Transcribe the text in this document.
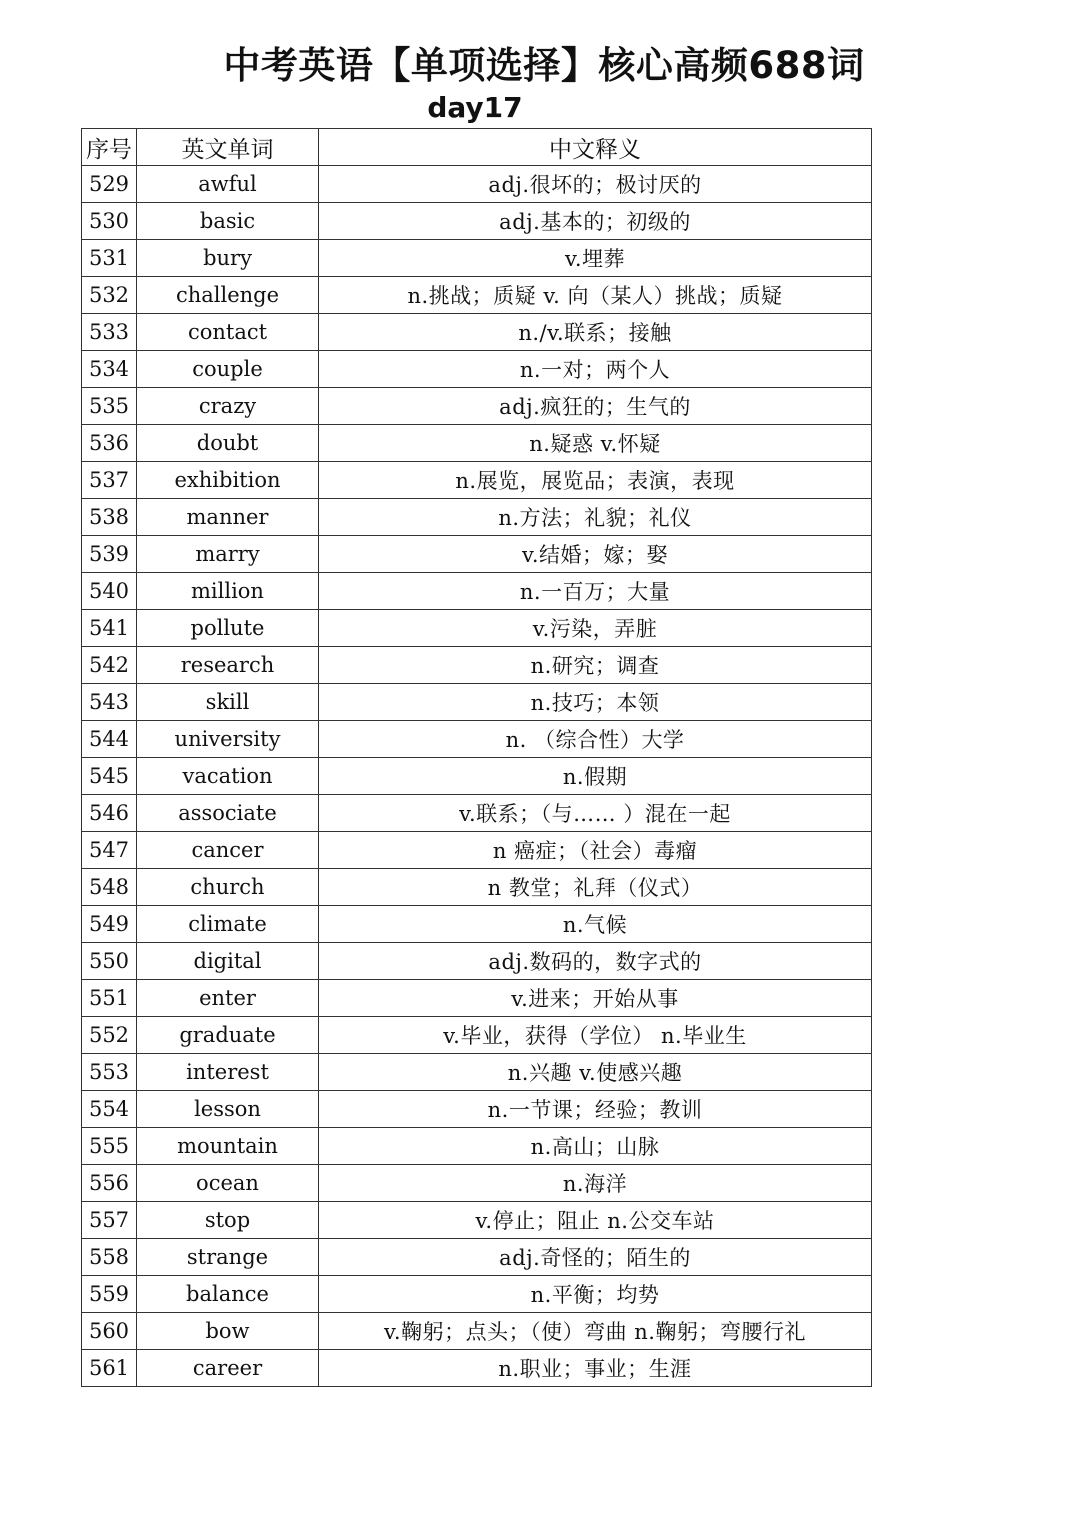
中考英语【单项选择】核心高频688词
day17
序号	英文单词	中文释义
529	awful	adj.很坏的；极讨厌的
530	basic	adj.基本的；初级的
531	bury	v.埋葬
532	challenge	n.挑战；质疑 v. 向（某人）挑战；质疑
533	contact	n./v.联系；接触
534	couple	n.一对；两个人
535	crazy	adj.疯狂的；生气的
536	doubt	n.疑惑 v.怀疑
537	exhibition	n.展览，展览品；表演，表现
538	manner	n.方法；礼貌；礼仪
539	marry	v.结婚；嫁；娶
540	million	n.一百万；大量
541	pollute	v.污染，弄脏
542	research	n.研究；调查
543	skill	n.技巧；本领
544	university	n. （综合性）大学
545	vacation	n.假期
546	associate	v.联系；（与…… ）混在一起
547	cancer	n 癌症；（社会）毒瘤
548	church	n 教堂；礼拜（仪式）
549	climate	n.气候
550	digital	adj.数码的，数字式的
551	enter	v.进来；开始从事
552	graduate	v.毕业，获得（学位） n.毕业生
553	interest	n.兴趣 v.使感兴趣
554	lesson	n.一节课；经验；教训
555	mountain	n.高山；山脉
556	ocean	n.海洋
557	stop	v.停止；阻止 n.公交车站
558	strange	adj.奇怪的；陌生的
559	balance	n.平衡；均势
560	bow	v.鞠躬；点头；（使）弯曲 n.鞠躬；弯腰行礼
561	career	n.职业；事业；生涯
